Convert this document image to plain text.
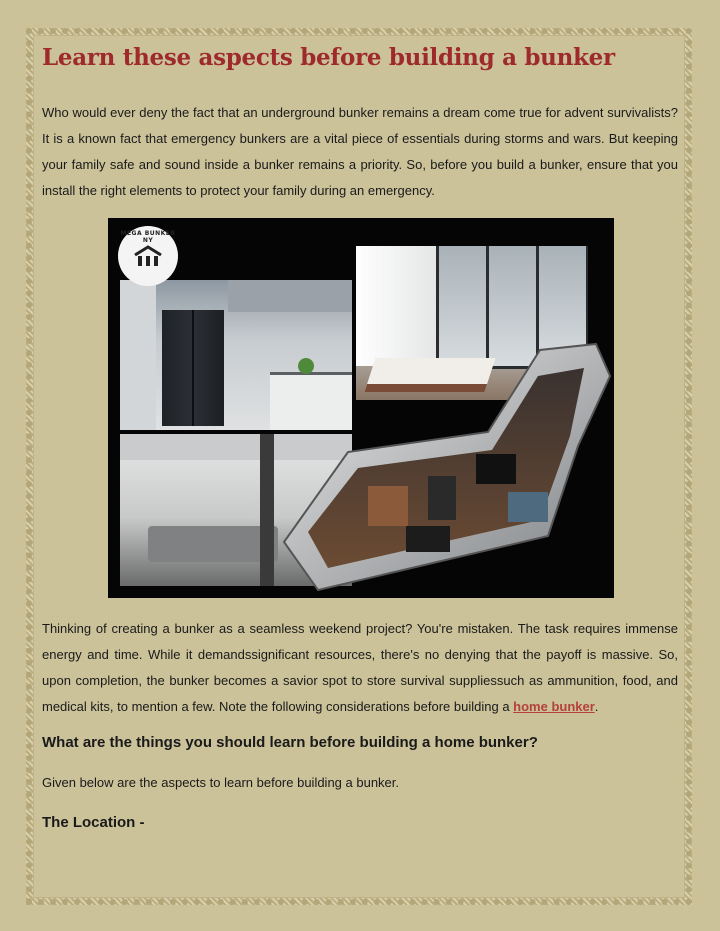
Learn these aspects before building a bunker

Who would ever deny the fact that an underground bunker remains a dream come true for advent survivalists? It is a known fact that emergency bunkers are a vital piece of essentials during storms and wars. But keeping your family safe and sound inside a bunker remains a priority. So, before you build a bunker, ensure that you install the right elements to protect your family during an emergency.

Thinking of creating a bunker as a seamless weekend project? You're mistaken. The task requires immense energy and time. While it demandssignificant resources, there's no denying that the payoff is massive. So, upon completion, the bunker becomes a savior spot to store survival suppliessuch as ammunition, food, and medical kits, to mention a few. Note the following considerations before building a home bunker.

What are the things you should learn before building a home bunker?

Given below are the aspects to learn before building a bunker.

The Location -
MEGA BUNKER NY
